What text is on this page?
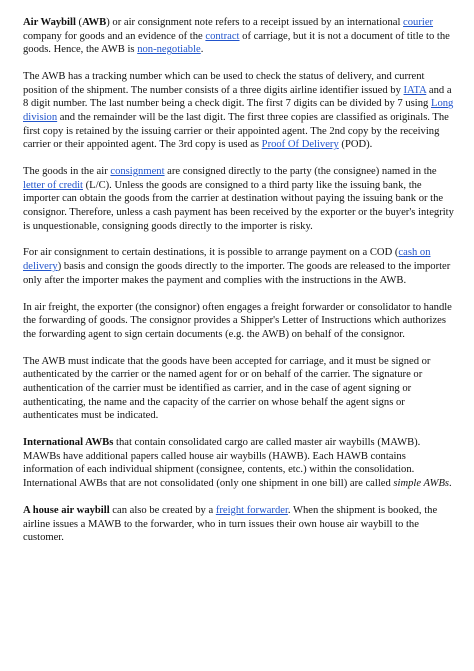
Air Waybill (AWB) or air consignment note refers to a receipt issued by an international courier company for goods and an evidence of the contract of carriage, but it is not a document of title to the goods. Hence, the AWB is non-negotiable.

The AWB has a tracking number which can be used to check the status of delivery, and current position of the shipment. The number consists of a three digits airline identifier issued by IATA and a 8 digit number. The last number being a check digit. The first 7 digits can be divided by 7 using Long division and the remainder will be the last digit. The first three copies are classified as originals. The first copy is retained by the issuing carrier or their appointed agent. The 2nd copy by the receiving carrier or their appointed agent. The 3rd copy is used as Proof Of Delivery (POD).

The goods in the air consignment are consigned directly to the party (the consignee) named in the letter of credit (L/C). Unless the goods are consigned to a third party like the issuing bank, the importer can obtain the goods from the carrier at destination without paying the issuing bank or the consignor. Therefore, unless a cash payment has been received by the exporter or the buyer's integrity is unquestionable, consigning goods directly to the importer is risky.

For air consignment to certain destinations, it is possible to arrange payment on a COD (cash on delivery) basis and consign the goods directly to the importer. The goods are released to the importer only after the importer makes the payment and complies with the instructions in the AWB.

In air freight, the exporter (the consignor) often engages a freight forwarder or consolidator to handle the forwarding of goods. The consignor provides a Shipper's Letter of Instructions which authorizes the forwarding agent to sign certain documents (e.g. the AWB) on behalf of the consignor.

The AWB must indicate that the goods have been accepted for carriage, and it must be signed or authenticated by the carrier or the named agent for or on behalf of the carrier. The signature or authentication of the carrier must be identified as carrier, and in the case of agent signing or authenticating, the name and the capacity of the carrier on whose behalf the agent signs or authenticates must be indicated.

International AWBs that contain consolidated cargo are called master air waybills (MAWB). MAWBs have additional papers called house air waybills (HAWB). Each HAWB contains information of each individual shipment (consignee, contents, etc.) within the consolidation. International AWBs that are not consolidated (only one shipment in one bill) are called simple AWBs.

A house air waybill can also be created by a freight forwarder. When the shipment is booked, the airline issues a MAWB to the forwarder, who in turn issues their own house air waybill to the customer.
